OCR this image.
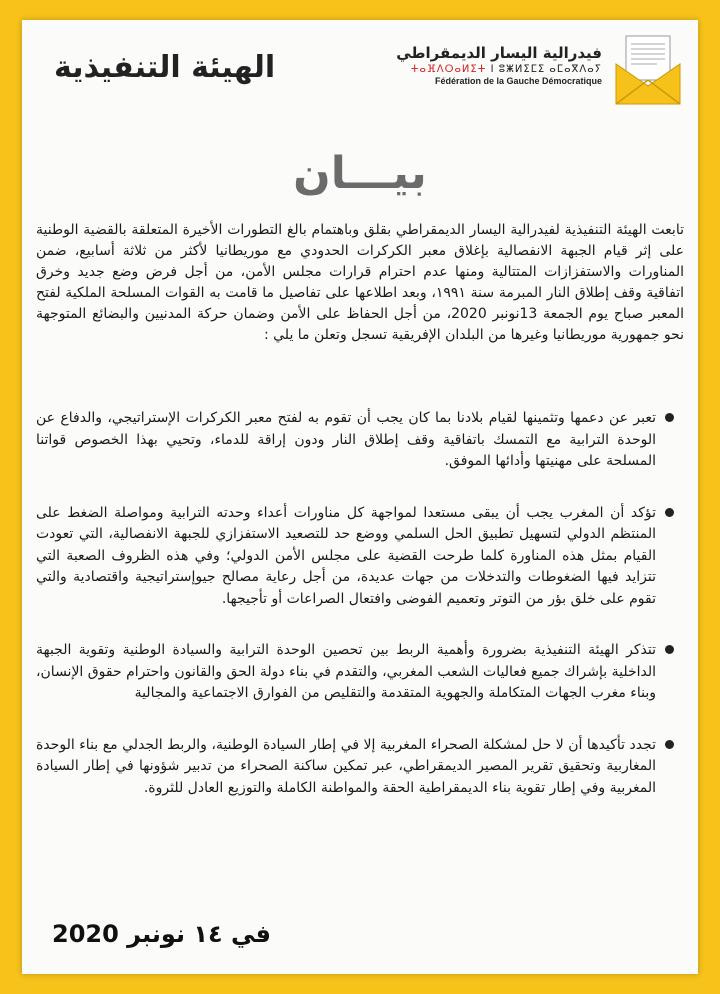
الهيئة التنفيذية	فيدرالية اليسار الديمقراطي
ⵜⴰⴼⴷⵔⴰⵍⵉⵜ ⵏ ⵓⵥⵍⵉⵎⵉ ⴰⵎⴰⴳⴷⴰⵢ
Fédération de la Gauche Démocratique
بيـــان
تابعت الهيئة التنفيذية لفيدرالية اليسار الديمقراطي بقلق وباهتمام بالغ التطورات الأخيرة المتعلقة بالقضية الوطنية على إثر قيام الجبهة الانفصالية بإغلاق معبر الكركرات الحدودي مع موريطانيا لأكثر من ثلاثة أسابيع، ضمن المناورات والاستفزازات المتتالية ومنها عدم احترام قرارات مجلس الأمن، من أجل فرض وضع جديد وخرق اتفاقية وقف إطلاق النار المبرمة سنة ١٩٩١، وبعد اطلاعها على تفاصيل ما قامت به القوات المسلحة الملكية لفتح المعبر صباح يوم الجمعة 13نونبر 2020، من أجل الحفاظ على الأمن وضمان حركة المدنيين والبضائع المتوجهة نحو جمهورية موريطانيا وغيرها من البلدان الإفريقية تسجل وتعلن ما يلي :
تعبر عن دعمها وتثمينها لقيام بلادنا بما كان يجب أن تقوم به لفتح معبر الكركرات الإستراتيجي، والدفاع عن الوحدة الترابية مع التمسك باتفاقية وقف إطلاق النار ودون إراقة للدماء، وتحيي بهذا الخصوص قواتنا المسلحة على مهنيتها وأدائها الموفق.
تؤكد أن المغرب يجب أن يبقى مستعدا لمواجهة كل مناورات أعداء وحدته الترابية ومواصلة الضغط على المنتظم الدولي لتسهيل تطبيق الحل السلمي ووضع حد للتصعيد الاستفزازي للجبهة الانفصالية، التي تعودت القيام بمثل هذه المناورة كلما طرحت القضية على مجلس الأمن الدولي؛ وفي هذه الظروف الصعبة التي تتزايد فيها الضغوطات والتدخلات من جهات عديدة، من أجل رعاية مصالح جيوإستراتيجية واقتصادية والتي تقوم على خلق بؤر من التوتر وتعميم الفوضى وافتعال الصراعات أو تأجيجها.
تتذكر الهيئة التنفيذية بضرورة وأهمية الربط بين تحصين الوحدة الترابية والسيادة الوطنية وتقوية الجبهة الداخلية بإشراك جميع فعاليات الشعب المغربي، والتقدم في بناء دولة الحق والقانون واحترام حقوق الإنسان، وبناء مغرب الجهات المتكاملة والجهوية المتقدمة والتقليص من الفوارق الاجتماعية والمجالية
تجدد تأكيدها أن لا حل لمشكلة الصحراء المغربية إلا في إطار السيادة الوطنية، والربط الجدلي مع بناء الوحدة المغاربية وتحقيق تقرير المصير الديمقراطي، عبر تمكين ساكنة الصحراء من تدبير شؤونها في إطار السيادة المغربية وفي إطار تقوية بناء الديمقراطية الحقة والمواطنة الكاملة والتوزيع العادل للثروة.
في ١٤ نونبر 2020
